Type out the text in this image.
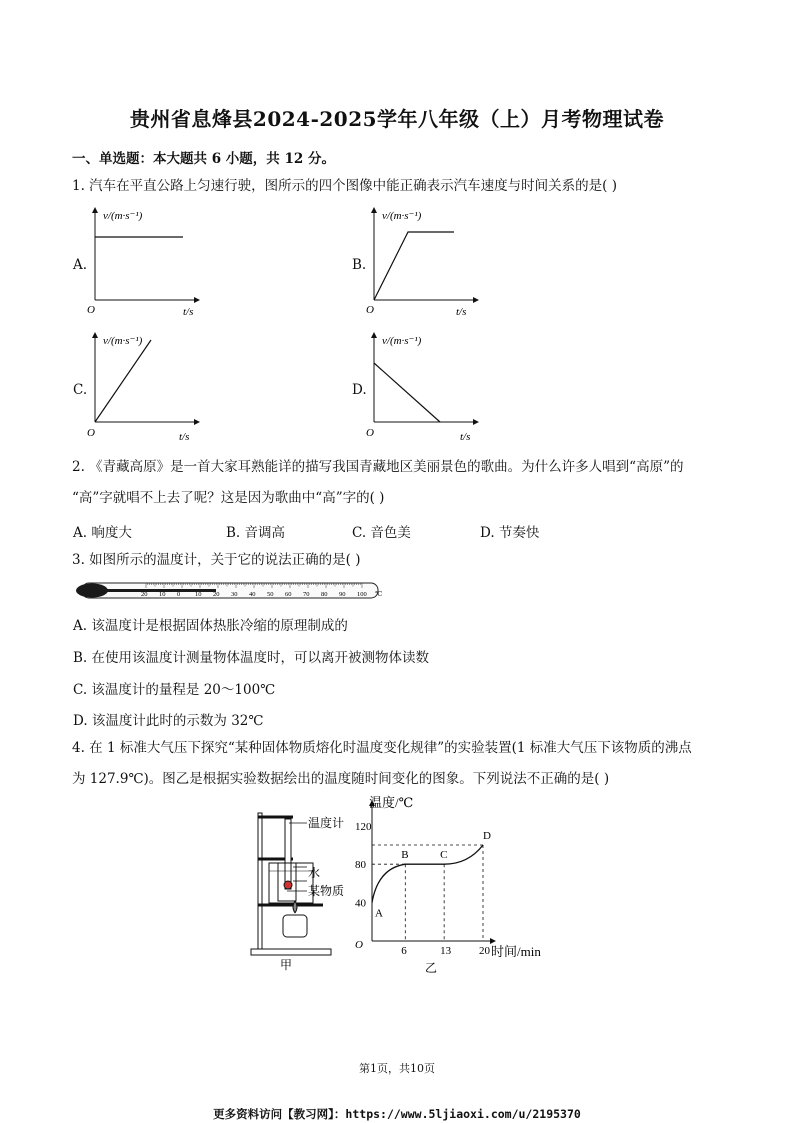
贵州省息烽县2024-2025学年八年级（上）月考物理试卷
一、单选题：本大题共 6 小题，共 12 分。
1. 汽车在平直公路上匀速行驶，图所示的四个图像中能正确表示汽车速度与时间关系的是( )
A.	B.
C.	D.
v/(m·s⁻¹)
O	t/s
v/(m·s⁻¹)
O	t/s
v/(m·s⁻¹)
O	t/s
v/(m·s⁻¹)
O	t/s
2. 《青藏高原》是一首大家耳熟能详的描写我国青藏地区美丽景色的歌曲。为什么许多人唱到“高原”的
“高”字就唱不上去了呢？这是因为歌曲中“高”字的( )
A. 响度大	B. 音调高	C. 音色美	D. 节奏快
3. 如图所示的温度计，关于它的说法正确的是( )
20 10 0 10 20 30 40 50 60 70 80 90 100 ℃
A. 该温度计是根据固体热胀冷缩的原理制成的
B. 在使用该温度计测量物体温度时，可以离开被测物体读数
C. 该温度计的量程是 20～100℃
D. 该温度计此时的示数为 32℃
4. 在 1 标准大气压下探究“某种固体物质熔化时温度变化规律”的实验装置(1 标准大气压下该物质的沸点
为 127.9℃)。图乙是根据实验数据绘出的温度随时间变化的图象。下列说法不正确的是( )
温度计
水
某物质
甲
120
80
40
6	13	20
A
B	C
D
温度/℃
时间/min
O
乙
第1页，共10页
更多资料访问【教习网】：https://www.5ljiaoxi.com/u/2195370
